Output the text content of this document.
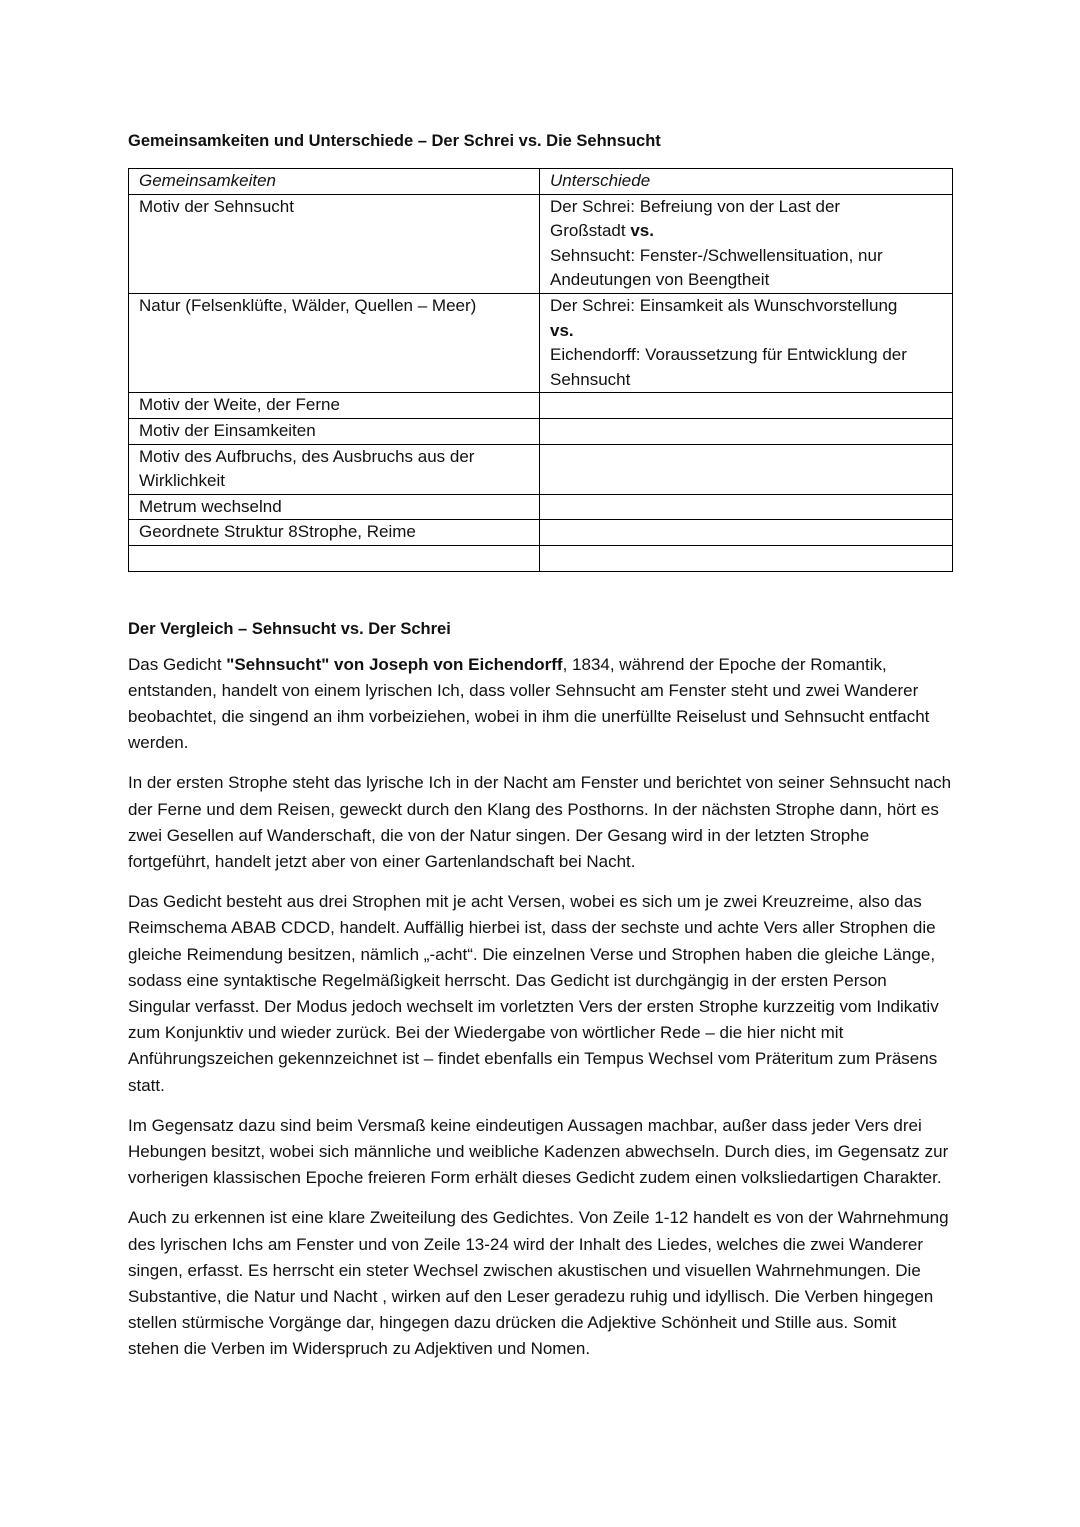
Gemeinsamkeiten und Unterschiede – Der Schrei vs. Die Sehnsucht
Gemeinsamkeiten	Unterschiede
Motiv der Sehnsucht	Der Schrei: Befreiung von der Last der
Großstadt vs.
Sehnsucht: Fenster-/Schwellensituation, nur
Andeutungen von Beengtheit
Natur (Felsenklüfte, Wälder, Quellen – Meer)	Der Schrei: Einsamkeit als Wunschvorstellung
vs.
Eichendorff: Voraussetzung für Entwicklung der
Sehnsucht
Motiv der Weite, der Ferne	
Motiv der Einsamkeiten	
Motiv des Aufbruchs, des Ausbruchs aus der
Wirklichkeit	
Metrum wechselnd	
Geordnete Struktur 8Strophe, Reime	

Der Vergleich – Sehnsucht vs. Der Schrei

Das Gedicht "Sehnsucht" von Joseph von Eichendorff, 1834, während der Epoche der Romantik, entstanden, handelt von einem lyrischen Ich, dass voller Sehnsucht am Fenster steht und zwei Wanderer beobachtet, die singend an ihm vorbeiziehen, wobei in ihm die unerfüllte Reiselust und Sehnsucht entfacht werden.

In der ersten Strophe steht das lyrische Ich in der Nacht am Fenster und berichtet von seiner Sehnsucht nach der Ferne und dem Reisen, geweckt durch den Klang des Posthorns. In der nächsten Strophe dann, hört es zwei Gesellen auf Wanderschaft, die von der Natur singen. Der Gesang wird in der letzten Strophe fortgeführt, handelt jetzt aber von einer Gartenlandschaft bei Nacht.

Das Gedicht besteht aus drei Strophen mit je acht Versen, wobei es sich um je zwei Kreuzreime, also das Reimschema ABAB CDCD, handelt. Auffällig hierbei ist, dass der sechste und achte Vers aller Strophen die gleiche Reimendung besitzen, nämlich „-acht“. Die einzelnen Verse und Strophen haben die gleiche Länge, sodass eine syntaktische Regelmäßigkeit herrscht. Das Gedicht ist durchgängig in der ersten Person Singular verfasst. Der Modus jedoch wechselt im vorletzten Vers der ersten Strophe kurzzeitig vom Indikativ zum Konjunktiv und wieder zurück. Bei der Wiedergabe von wörtlicher Rede – die hier nicht mit Anführungszeichen gekennzeichnet ist – findet ebenfalls ein Tempus Wechsel vom Präteritum zum Präsens statt.

Im Gegensatz dazu sind beim Versmaß keine eindeutigen Aussagen machbar, außer dass jeder Vers drei Hebungen besitzt, wobei sich männliche und weibliche Kadenzen abwechseln. Durch dies, im Gegensatz zur vorherigen klassischen Epoche freieren Form erhält dieses Gedicht zudem einen volksliedartigen Charakter.

Auch zu erkennen ist eine klare Zweiteilung des Gedichtes. Von Zeile 1-12 handelt es von der Wahrnehmung des lyrischen Ichs am Fenster und von Zeile 13-24 wird der Inhalt des Liedes, welches die zwei Wanderer singen, erfasst. Es herrscht ein steter Wechsel zwischen akustischen und visuellen Wahrnehmungen. Die Substantive, die Natur und Nacht , wirken auf den Leser geradezu ruhig und idyllisch. Die Verben hingegen stellen stürmische Vorgänge dar, hingegen dazu drücken die Adjektive Schönheit und Stille aus. Somit stehen die Verben im Widerspruch zu Adjektiven und Nomen.
